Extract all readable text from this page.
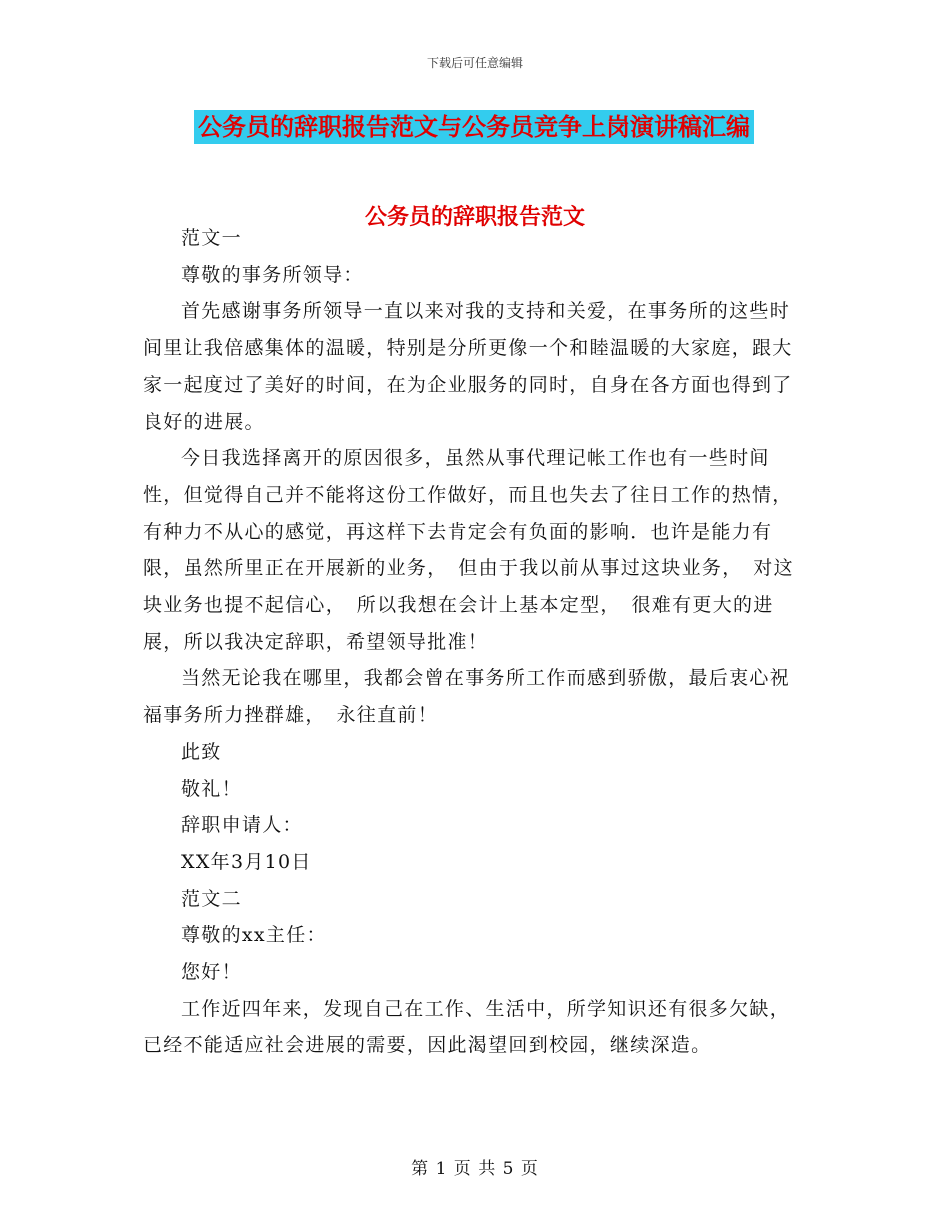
下载后可任意编辑
公务员的辞职报告范文与公务员竞争上岗演讲稿汇编
公务员的辞职报告范文

范文一

尊敬的事务所领导：

首先感谢事务所领导一直以来对我的支持和关爱，在事务所的这些时间里让我倍感集体的温暖，特别是分所更像一个和睦温暖的大家庭，跟大家一起度过了美好的时间，在为企业服务的同时，自身在各方面也得到了良好的进展。

今日我选择离开的原因很多，虽然从事代理记帐工作也有一些时间性，但觉得自己并不能将这份工作做好，而且也失去了往日工作的热情，有种力不从心的感觉，再这样下去肯定会有负面的影响．也许是能力有限，虽然所里正在开展新的业务，　但由于我以前从事过这块业务，　对这块业务也提不起信心，　所以我想在会计上基本定型，　很难有更大的进展，所以我决定辞职，希望领导批准！

当然无论我在哪里，我都会曾在事务所工作而感到骄傲，最后衷心祝福事务所力挫群雄，　永往直前！

此致

敬礼！

辞职申请人：

XX年3月10日

范文二

尊敬的xx主任：

您好！

工作近四年来，发现自己在工作、生活中，所学知识还有很多欠缺，已经不能适应社会进展的需要，因此渴望回到校园，继续深造。

第 1 页 共 5 页
